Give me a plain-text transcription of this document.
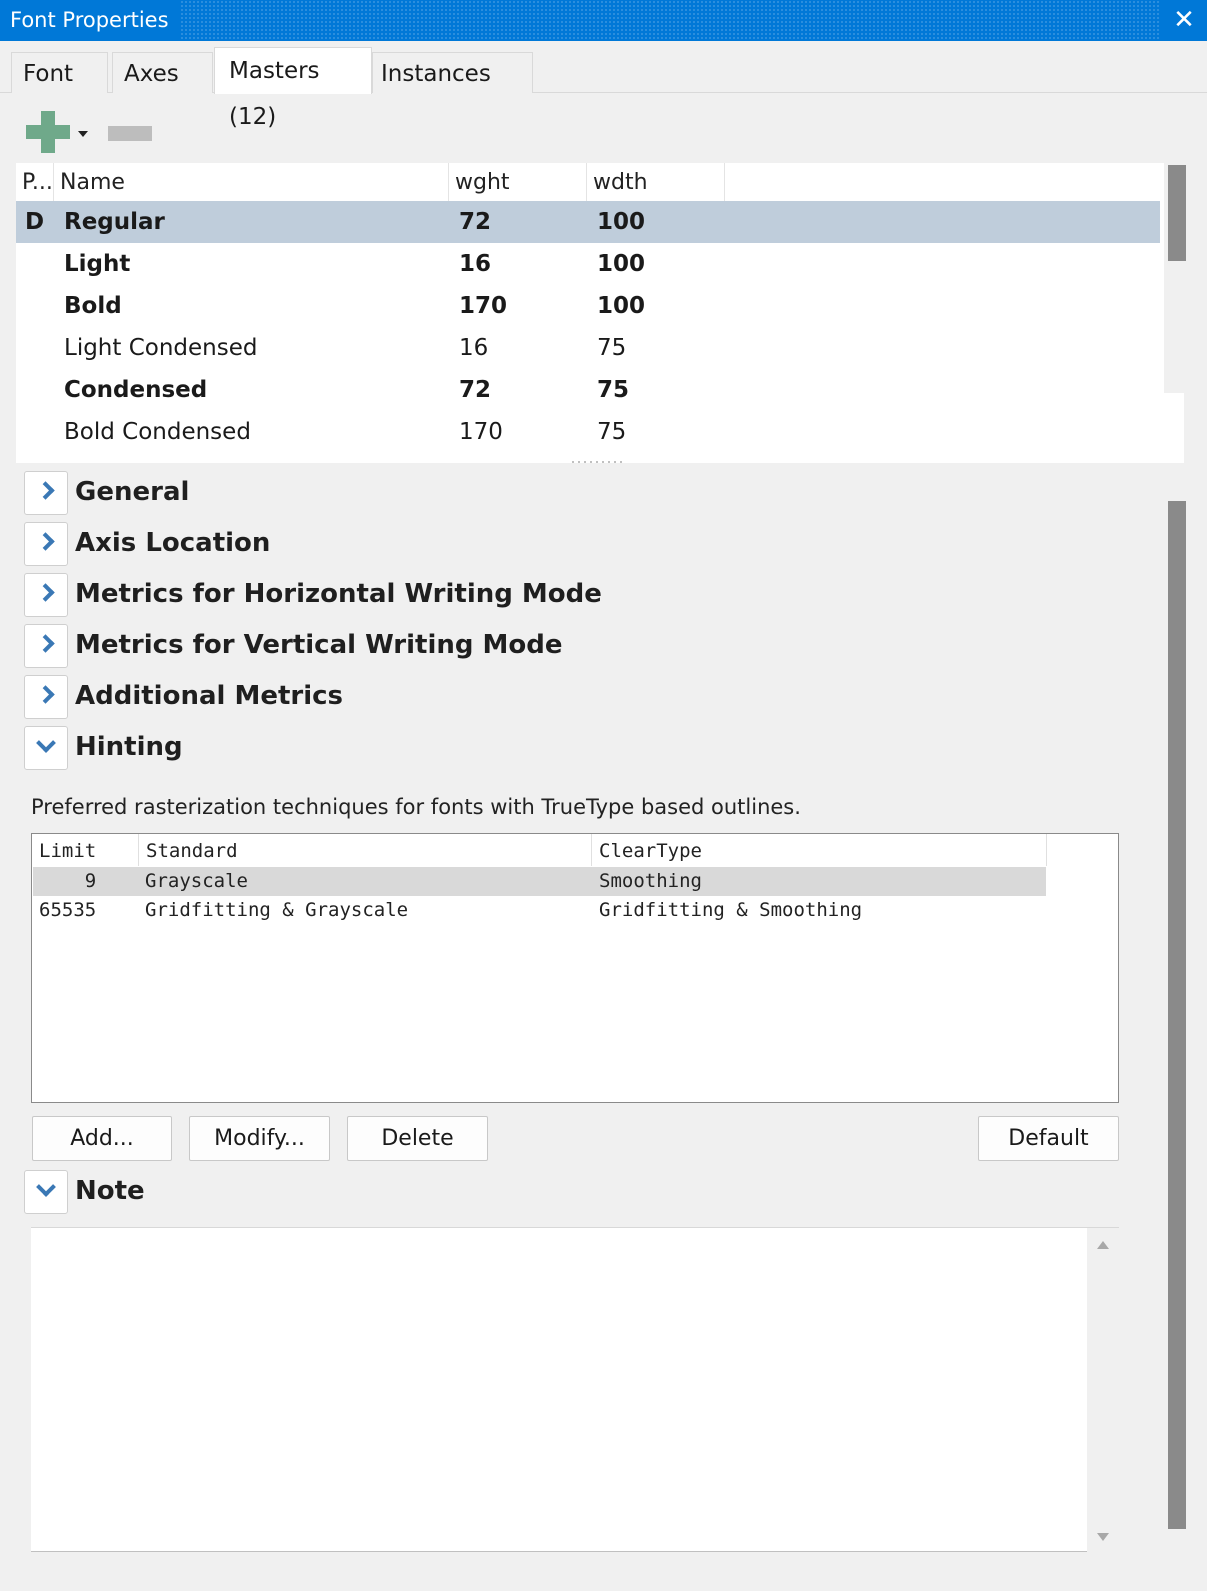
Font Properties	✕
Font	Axes	Masters (12)
Instances
P... Name	wght	wdth
D Regular	72	100
Light	16	100
Bold	170	100
Light Condensed	16	75
Condensed	72	75
Bold Condensed	170	75
General
Axis Location
Metrics for Horizontal Writing Mode
Metrics for Vertical Writing Mode
Additional Metrics
Hinting
Preferred rasterization techniques for fonts with TrueType based outlines.
Limit	Standard	ClearType
9	Grayscale	Smoothing
65535	Gridfitting & Grayscale	Gridfitting & Smoothing
Add...	Modify...	Delete	Default
Note
